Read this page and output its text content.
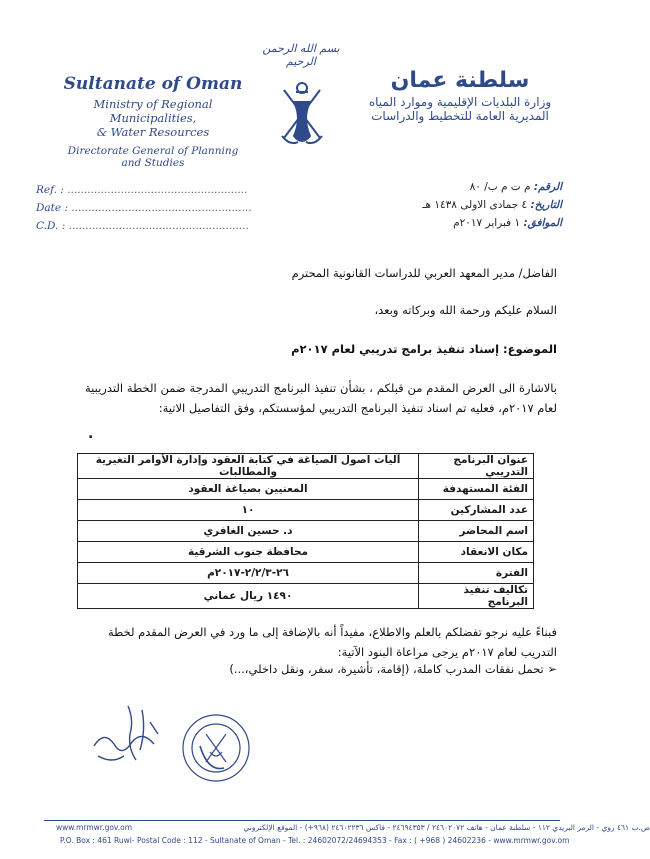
بسم الله الرحمن الرحيم
Sultanate of Oman
Ministry of Regional Municipalities,
& Water Resources
Directorate General of Planning
and Studies
سلطنة عمان
وزارة البلديات الإقليمية وموارد المياه
المديرية العامة للتخطيط والدراسات
Ref. : ......................................................
Date : ......................................................
C.D. : ......................................................
الرقم: م ت م ب/ ٨٠
التاريخ: ٤ جمادى الاولى ١٤٣٨ هـ
الموافق: ١ فبراير ٢٠١٧م
الفاضل/ مدير المعهد العربي للدراسات القانونية المحترم
السلام عليكم ورحمة الله وبركاته وبعد،
الموضوع: إسناد تنفيذ برامج تدريبي لعام ٢٠١٧م
بالاشارة الى العرض المقدم من قبلكم ، بشأن تنفيذ البرنامج التدريبي المدرجة ضمن الخطة التدريبية لعام ٢٠١٧م، فعليه تم اسناد تنفيذ البرنامج التدريبي لمؤسستكم، وفق التفاصيل الاتية:
.
عنوان البرنامج التدريبي	آليات اصول الصياغة في كتابة العقود وإدارة الأوامر التغيرية والمطالبات
الفئة المستهدفة	المعنيين بصياغة العقود
عدد المشاركين	١٠
اسم المحاضر	د. حسين الغافري
مكان الانعقاد	محافظة جنوب الشرقية
الفترة	٢٦-٢/٢/٣-٢٠١٧م
تكاليف تنفيذ البرنامج	١٤٩٠ ريال عماني
فبناءً عليه نرجو تفضلكم بالعلم والاطلاع، مفيداً أنه بالإضافة إلى ما ورد في العرض المقدم لخطة التدريب لعام ٢٠١٧م يرجى مراعاة البنود الآتية:
➢ تحمل نفقات المدرب كاملة، (إقامة، تأشيرة، سفر، ونقل داخلي،...)
www.mrmwr.gov.om	ص.ب ٤٦١ روي - الرمز البريدي ١١٢ - سلطنة عمان - هاتف ٢٤٦٠٢٠٧٢ / ٢٤٦٩٤٣٥٣ - فاكس ٢٤٦٠٢٢٣٦ (٩٦٨+) - الموقع الإلكتروني
P.O. Box : 461 Ruwi- Postal Code : 112 - Sultanate of Oman - Tel. : 24602072/24694353 - Fax : ( +968 ) 24602236 - www.mrmwr.gov.om
